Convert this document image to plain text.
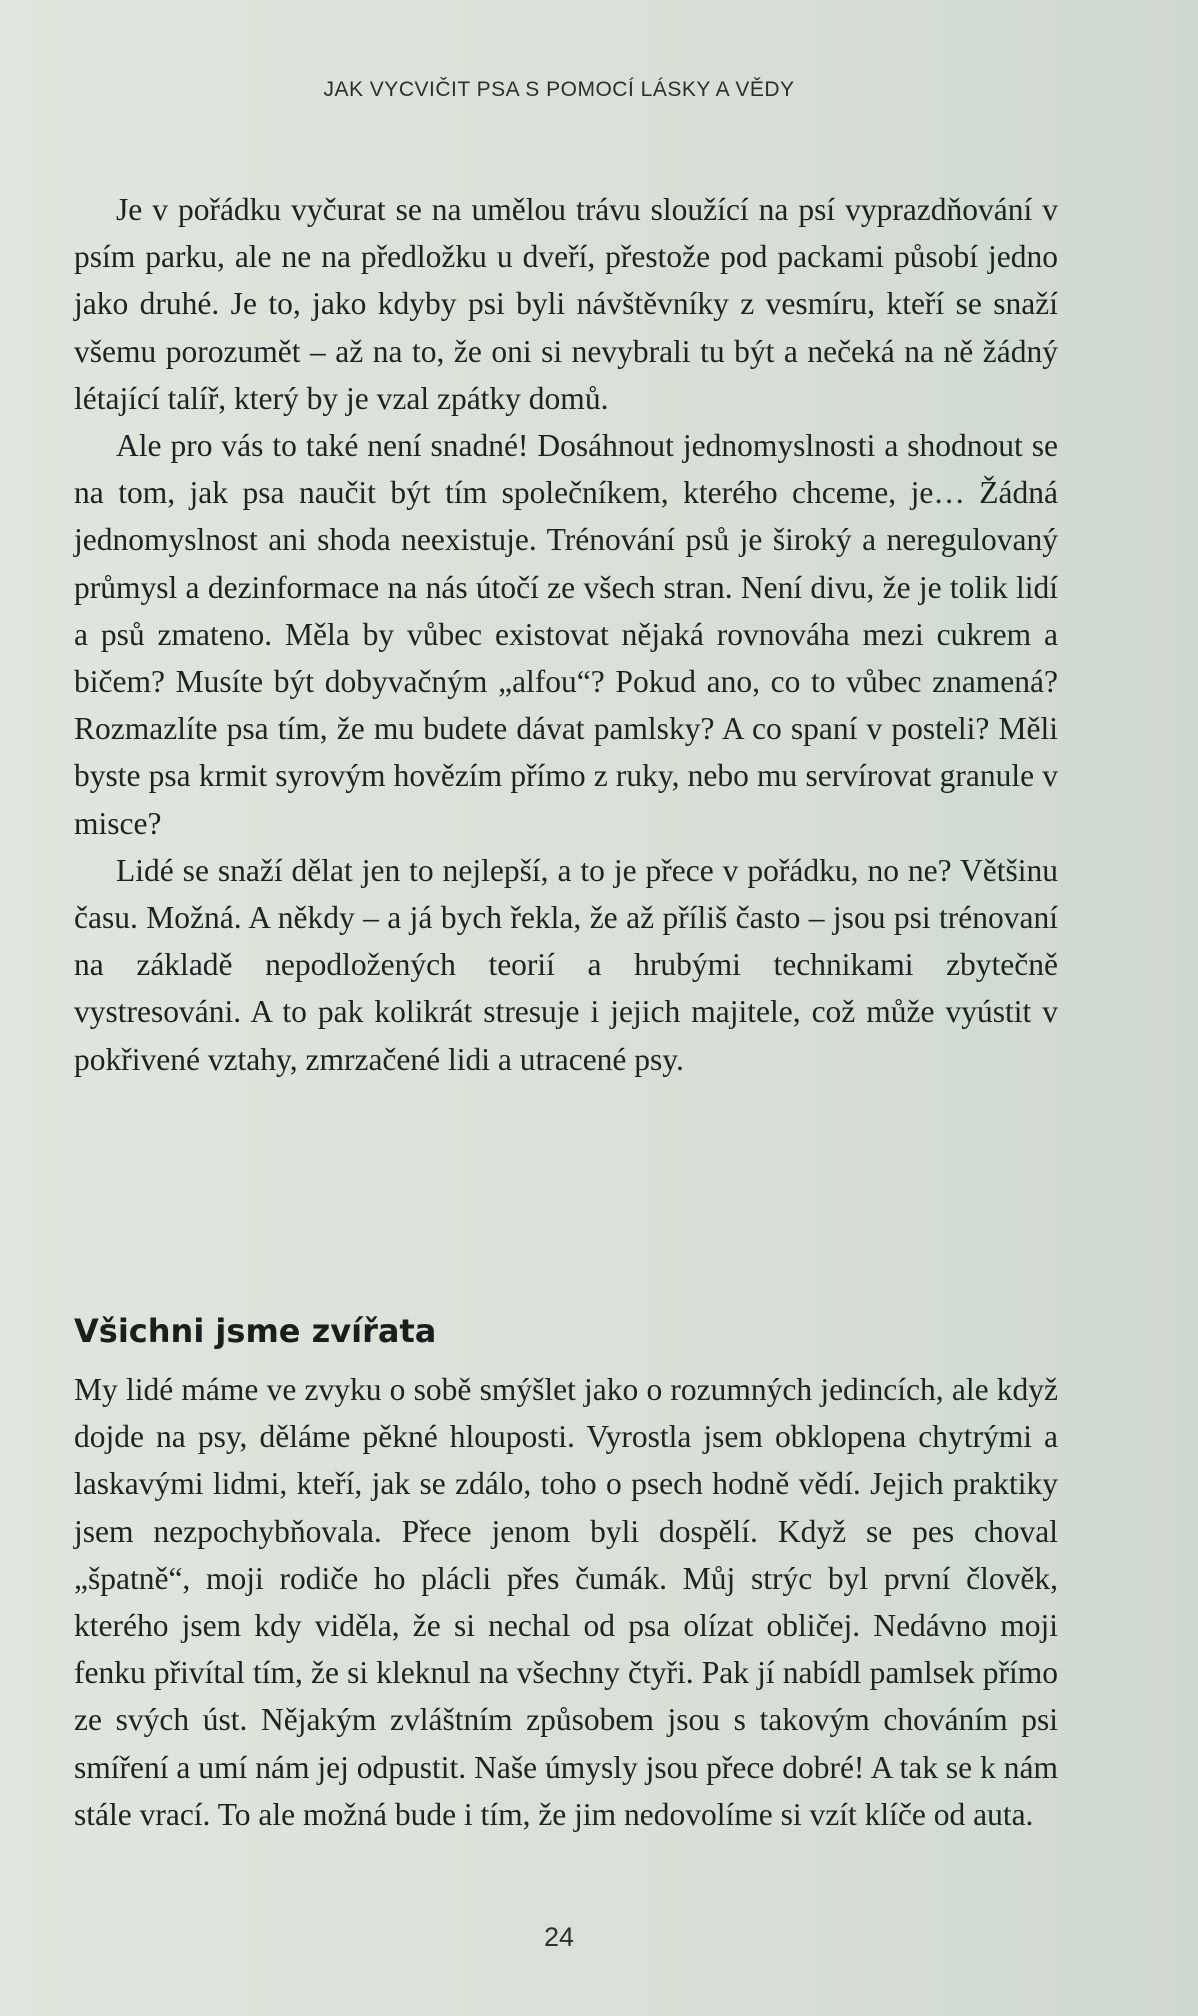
JAK VYCVIČIT PSA S POMOCÍ LÁSKY A VĚDY

Je v pořádku vyčurat se na umělou trávu sloužící na psí vyprazdňování v psím parku, ale ne na předložku u dveří, přestože pod packami působí jedno jako druhé. Je to, jako kdyby psi byli návštěvníky z vesmíru, kteří se snaží všemu porozumět – až na to, že oni si nevybrali tu být a nečeká na ně žádný létající talíř, který by je vzal zpátky domů.

Ale pro vás to také není snadné! Dosáhnout jednomyslnosti a shodnout se na tom, jak psa naučit být tím společníkem, kterého chceme, je… Žádná jednomyslnost ani shoda neexistuje. Trénování psů je široký a neregulovaný průmysl a dezinformace na nás útočí ze všech stran. Není divu, že je tolik lidí a psů zmateno. Měla by vůbec existovat nějaká rovnováha mezi cukrem a bičem? Musíte být dobyvačným „alfou“? Pokud ano, co to vůbec znamená? Rozmazlíte psa tím, že mu budete dávat pamlsky? A co spaní v posteli? Měli byste psa krmit syrovým hovězím přímo z ruky, nebo mu servírovat granule v misce?

Lidé se snaží dělat jen to nejlepší, a to je přece v pořádku, no ne? Většinu času. Možná. A někdy – a já bych řekla, že až příliš často – jsou psi trénovaní na základě nepodložených teorií a hrubými technikami zbytečně vystresováni. A to pak kolikrát stresuje i jejich majitele, což může vyústit v pokřivené vztahy, zmrzačené lidi a utracené psy.

Všichni jsme zvířata

My lidé máme ve zvyku o sobě smýšlet jako o rozumných jedincích, ale když dojde na psy, děláme pěkné hlouposti. Vyrostla jsem obklopena chytrými a laskavými lidmi, kteří, jak se zdálo, toho o psech hodně vědí. Jejich praktiky jsem nezpochybňovala. Přece jenom byli dospělí. Když se pes choval „špatně“, moji rodiče ho plácli přes čumák. Můj strýc byl první člověk, kterého jsem kdy viděla, že si nechal od psa olízat obličej. Nedávno moji fenku přivítal tím, že si kleknul na všechny čtyři. Pak jí nabídl pamlsek přímo ze svých úst. Nějakým zvláštním způsobem jsou s takovým chováním psi smíření a umí nám jej odpustit. Naše úmysly jsou přece dobré! A tak se k nám stále vrací. To ale možná bude i tím, že jim nedovolíme si vzít klíče od auta.

24
